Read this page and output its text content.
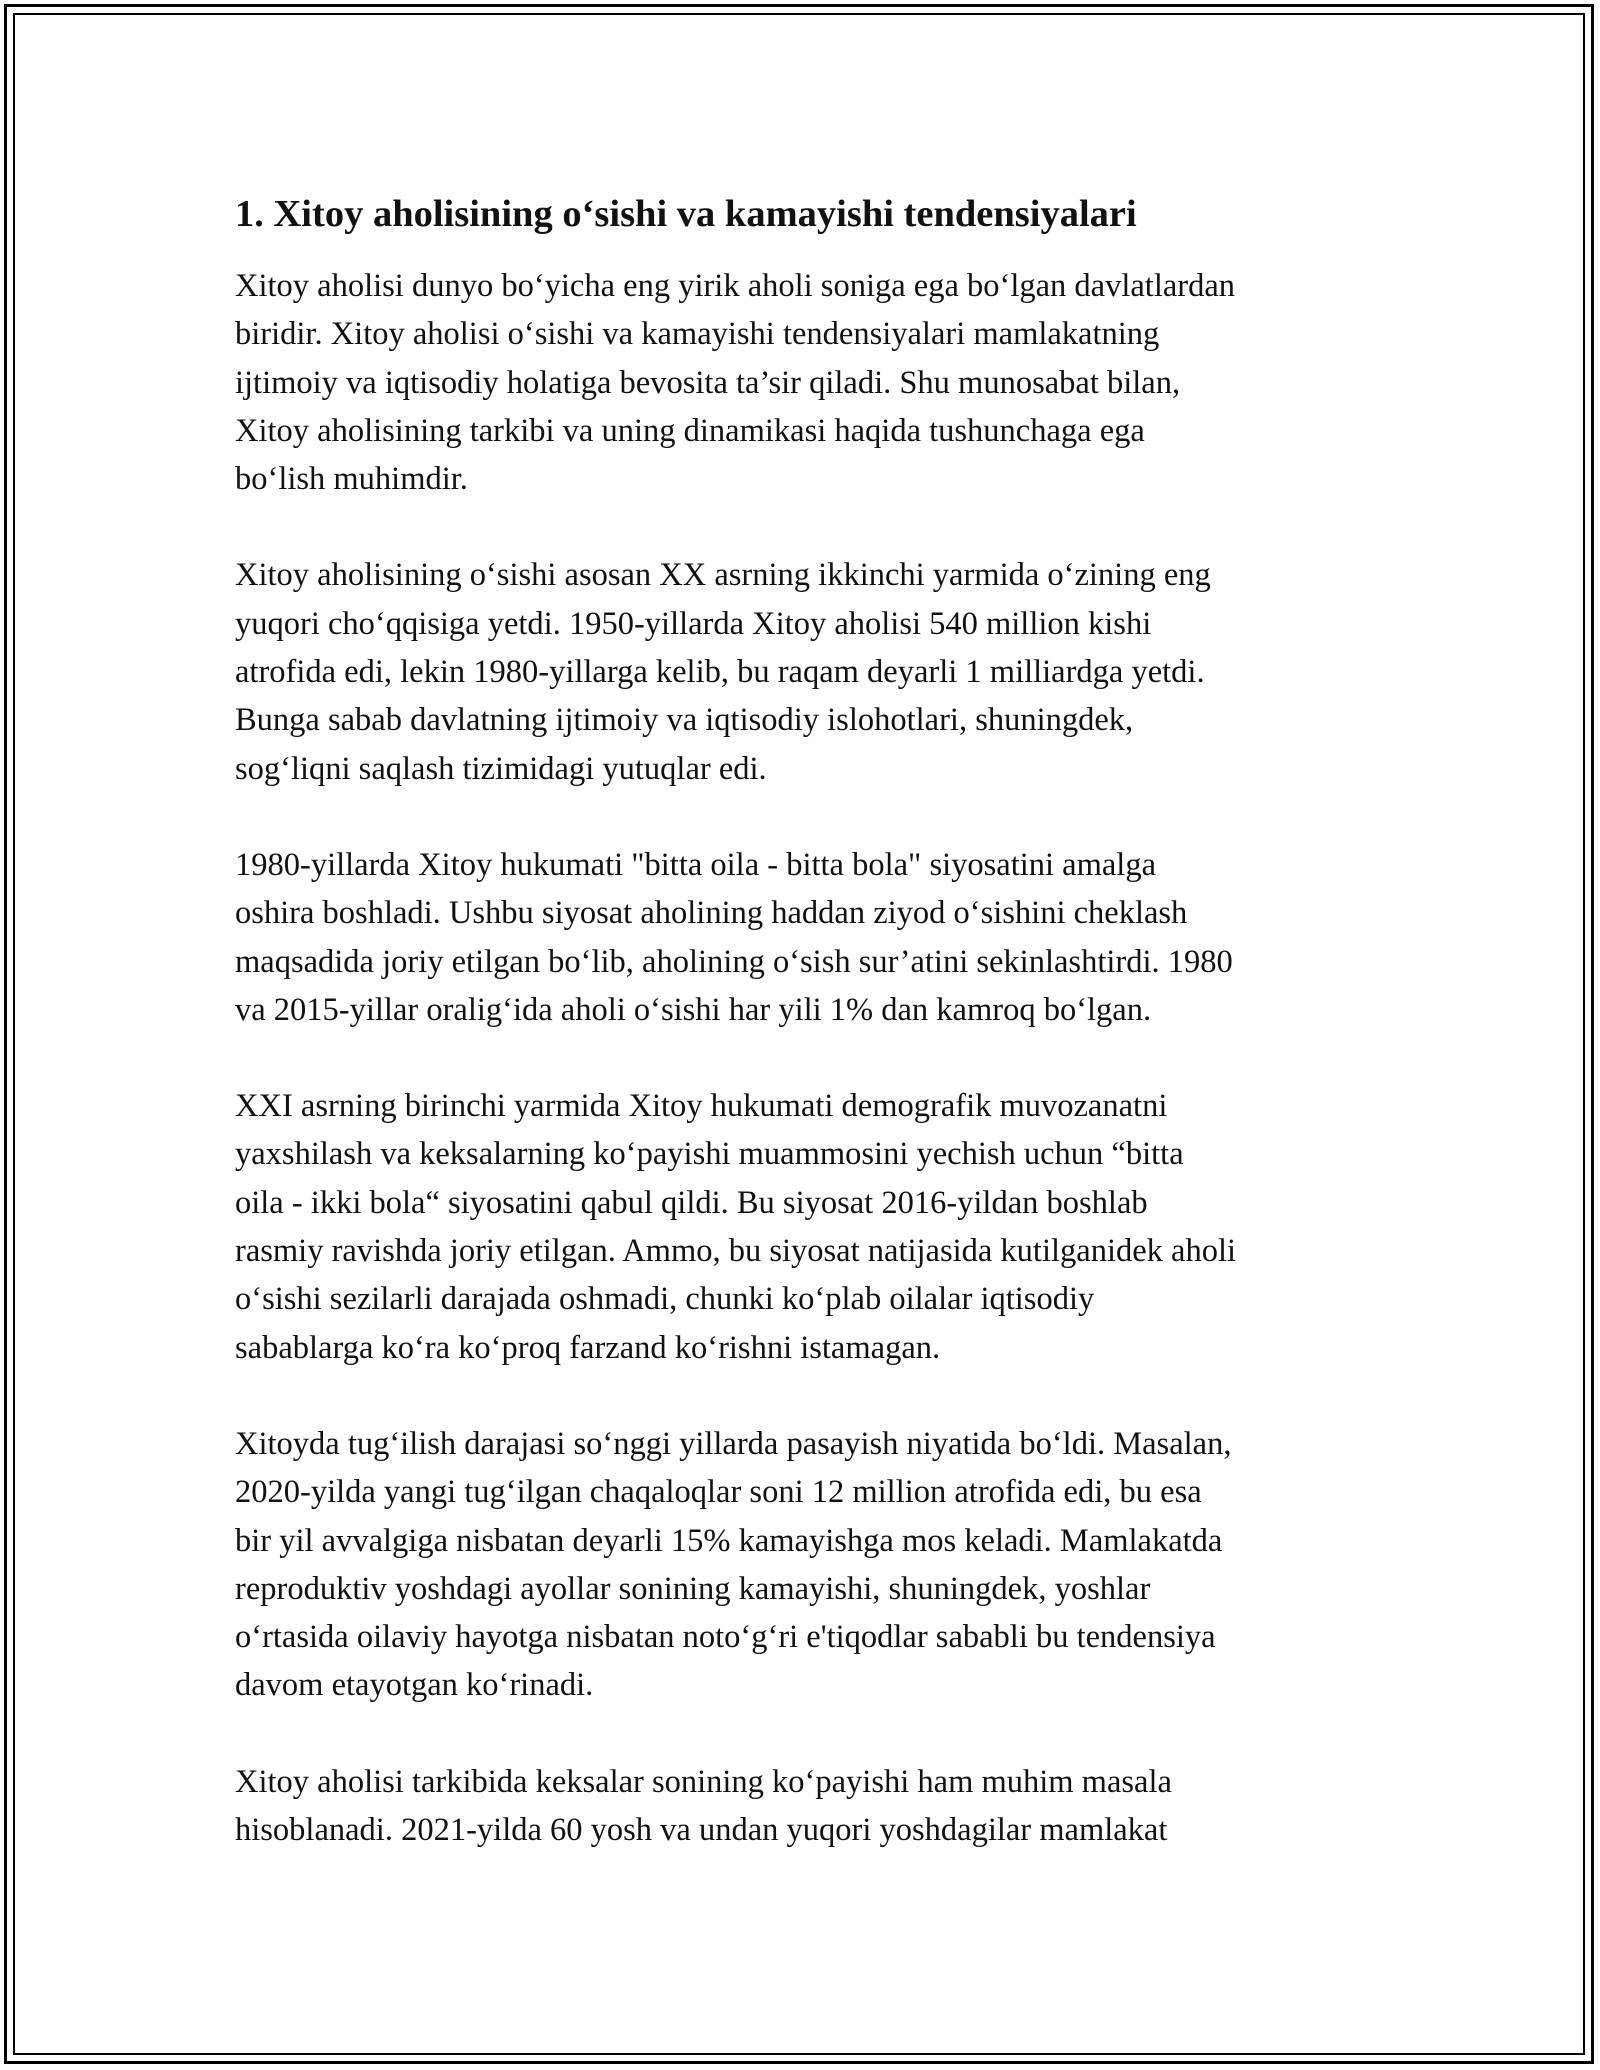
1. Xitoy aholisining o‘sishi va kamayishi tendensiyalari

Xitoy aholisi dunyo bo‘yicha eng yirik aholi soniga ega bo‘lgan davlatlardan
biridir. Xitoy aholisi o‘sishi va kamayishi tendensiyalari mamlakatning
ijtimoiy va iqtisodiy holatiga bevosita ta’sir qiladi. Shu munosabat bilan,
Xitoy aholisining tarkibi va uning dinamikasi haqida tushunchaga ega
bo‘lish muhimdir.

Xitoy aholisining o‘sishi asosan XX asrning ikkinchi yarmida o‘zining eng
yuqori cho‘qqisiga yetdi. 1950-yillarda Xitoy aholisi 540 million kishi
atrofida edi, lekin 1980-yillarga kelib, bu raqam deyarli 1 milliardga yetdi.
Bunga sabab davlatning ijtimoiy va iqtisodiy islohotlari, shuningdek,
sog‘liqni saqlash tizimidagi yutuqlar edi.

1980-yillarda Xitoy hukumati "bitta oila - bitta bola" siyosatini amalga
oshira boshladi. Ushbu siyosat aholining haddan ziyod o‘sishini cheklash
maqsadida joriy etilgan bo‘lib, aholining o‘sish sur’atini sekinlashtirdi. 1980
va 2015-yillar oralig‘ida aholi o‘sishi har yili 1% dan kamroq bo‘lgan.

XXI asrning birinchi yarmida Xitoy hukumati demografik muvozanatni
yaxshilash va keksalarning ko‘payishi muammosini yechish uchun “bitta
oila - ikki bola“ siyosatini qabul qildi. Bu siyosat 2016-yildan boshlab
rasmiy ravishda joriy etilgan. Ammo, bu siyosat natijasida kutilganidek aholi
o‘sishi sezilarli darajada oshmadi, chunki ko‘plab oilalar iqtisodiy
sabablarga ko‘ra ko‘proq farzand ko‘rishni istamagan.

Xitoyda tug‘ilish darajasi so‘nggi yillarda pasayish niyatida bo‘ldi. Masalan,
2020-yilda yangi tug‘ilgan chaqaloqlar soni 12 million atrofida edi, bu esa
bir yil avvalgiga nisbatan deyarli 15% kamayishga mos keladi. Mamlakatda
reproduktiv yoshdagi ayollar sonining kamayishi, shuningdek, yoshlar
o‘rtasida oilaviy hayotga nisbatan noto‘g‘ri e'tiqodlar sababli bu tendensiya
davom etayotgan ko‘rinadi.

Xitoy aholisi tarkibida keksalar sonining ko‘payishi ham muhim masala
hisoblanadi. 2021-yilda 60 yosh va undan yuqori yoshdagilar mamlakat
